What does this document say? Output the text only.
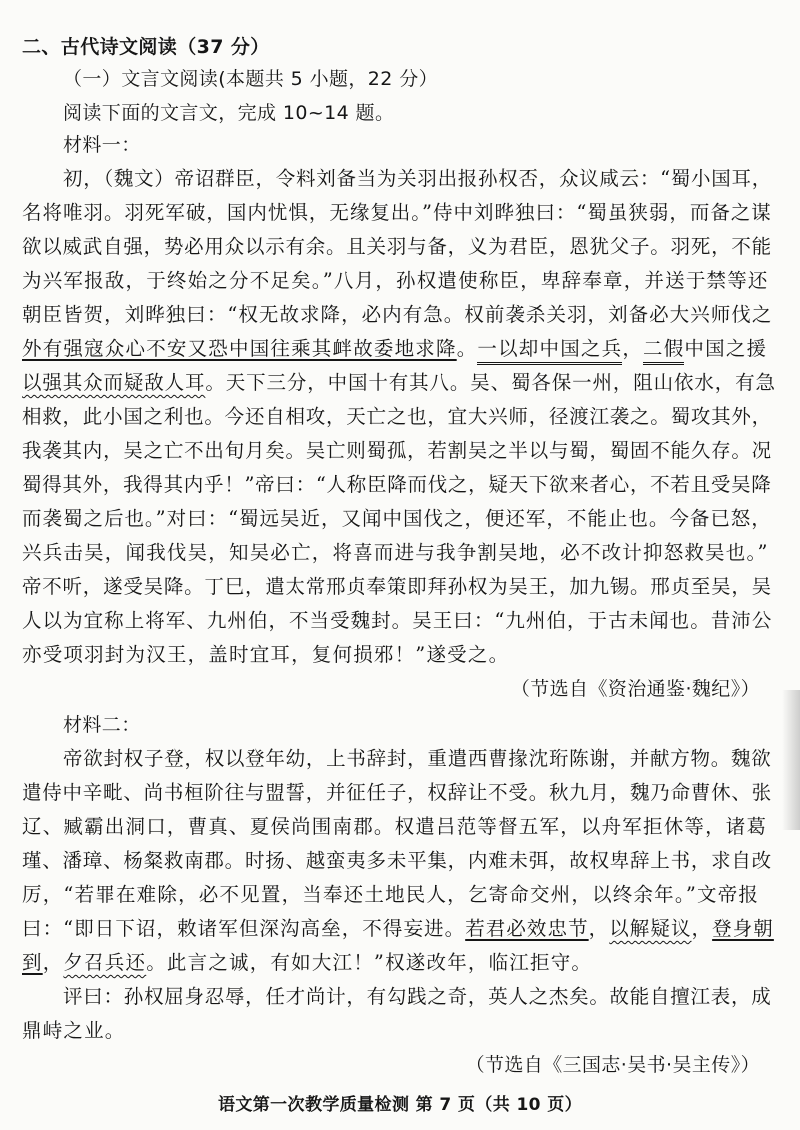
二、古代诗文阅读（37 分）
（一）文言文阅读(本题共 5 小题，22 分）
阅读下面的文言文，完成 10~14 题。
材料一：
初，（魏文）帝诏群臣，令料刘备当为关羽出报孙权否，众议咸云：“蜀小国耳，
名将唯羽。羽死军破，国内忧惧，无缘复出。”侍中刘晔独曰：“蜀虽狭弱，而备之谋
欲以威武自强，势必用众以示有余。且关羽与备，义为君臣，恩犹父子。羽死，不能
为兴军报敌，于终始之分不足矣。”八月，孙权遣使称臣，卑辞奉章，并送于禁等还
朝臣皆贺，刘晔独曰：“权无故求降，必内有急。权前袭杀关羽，刘备必大兴师伐之
外有强寇众心不安又恐中国往乘其衅故委地求降。一以却中国之兵，二假中国之援
以强其众而疑敌人耳。天下三分，中国十有其八。吴、蜀各保一州，阻山依水，有急
相救，此小国之利也。今还自相攻，天亡之也，宜大兴师，径渡江袭之。蜀攻其外，
我袭其内，吴之亡不出旬月矣。吴亡则蜀孤，若割吴之半以与蜀，蜀固不能久存。况
蜀得其外，我得其内乎！”帝曰：“人称臣降而伐之，疑天下欲来者心，不若且受吴降
而袭蜀之后也。”对曰：“蜀远吴近，又闻中国伐之，便还军，不能止也。今备已怒，
兴兵击吴，闻我伐吴，知吴必亡，将喜而进与我争割吴地，必不改计抑怒救吴也。”
帝不听，遂受吴降。丁巳，遣太常邢贞奉策即拜孙权为吴王，加九锡。邢贞至吴，吴
人以为宜称上将军、九州伯，不当受魏封。吴王曰：“九州伯，于古未闻也。昔沛公
亦受项羽封为汉王，盖时宜耳，复何损邪！”遂受之。
（节选自《资治通鉴·魏纪》）
材料二：
帝欲封权子登，权以登年幼，上书辞封，重遣西曹掾沈珩陈谢，并献方物。魏欲
遣侍中辛毗、尚书桓阶往与盟誓，并征任子，权辞让不受。秋九月，魏乃命曹休、张
辽、臧霸出洞口，曹真、夏侯尚围南郡。权遣吕范等督五军，以舟军拒休等，诸葛
瑾、潘璋、杨粲救南郡。时扬、越蛮夷多未平集，内难未弭，故权卑辞上书，求自改
厉，“若罪在难除，必不见置，当奉还土地民人，乞寄命交州，以终余年。”文帝报
曰：“即日下诏，敕诸军但深沟高垒，不得妄进。若君必效忠节，以解疑议，登身朝
到，夕召兵还。此言之诚，有如大江！”权遂改年，临江拒守。
评曰：孙权屈身忍辱，任才尚计，有勾践之奇，英人之杰矣。故能自擅江表，成
鼎峙之业。
（节选自《三国志·吴书·吴主传》）
语文第一次教学质量检测 第 7 页（共 10 页）
